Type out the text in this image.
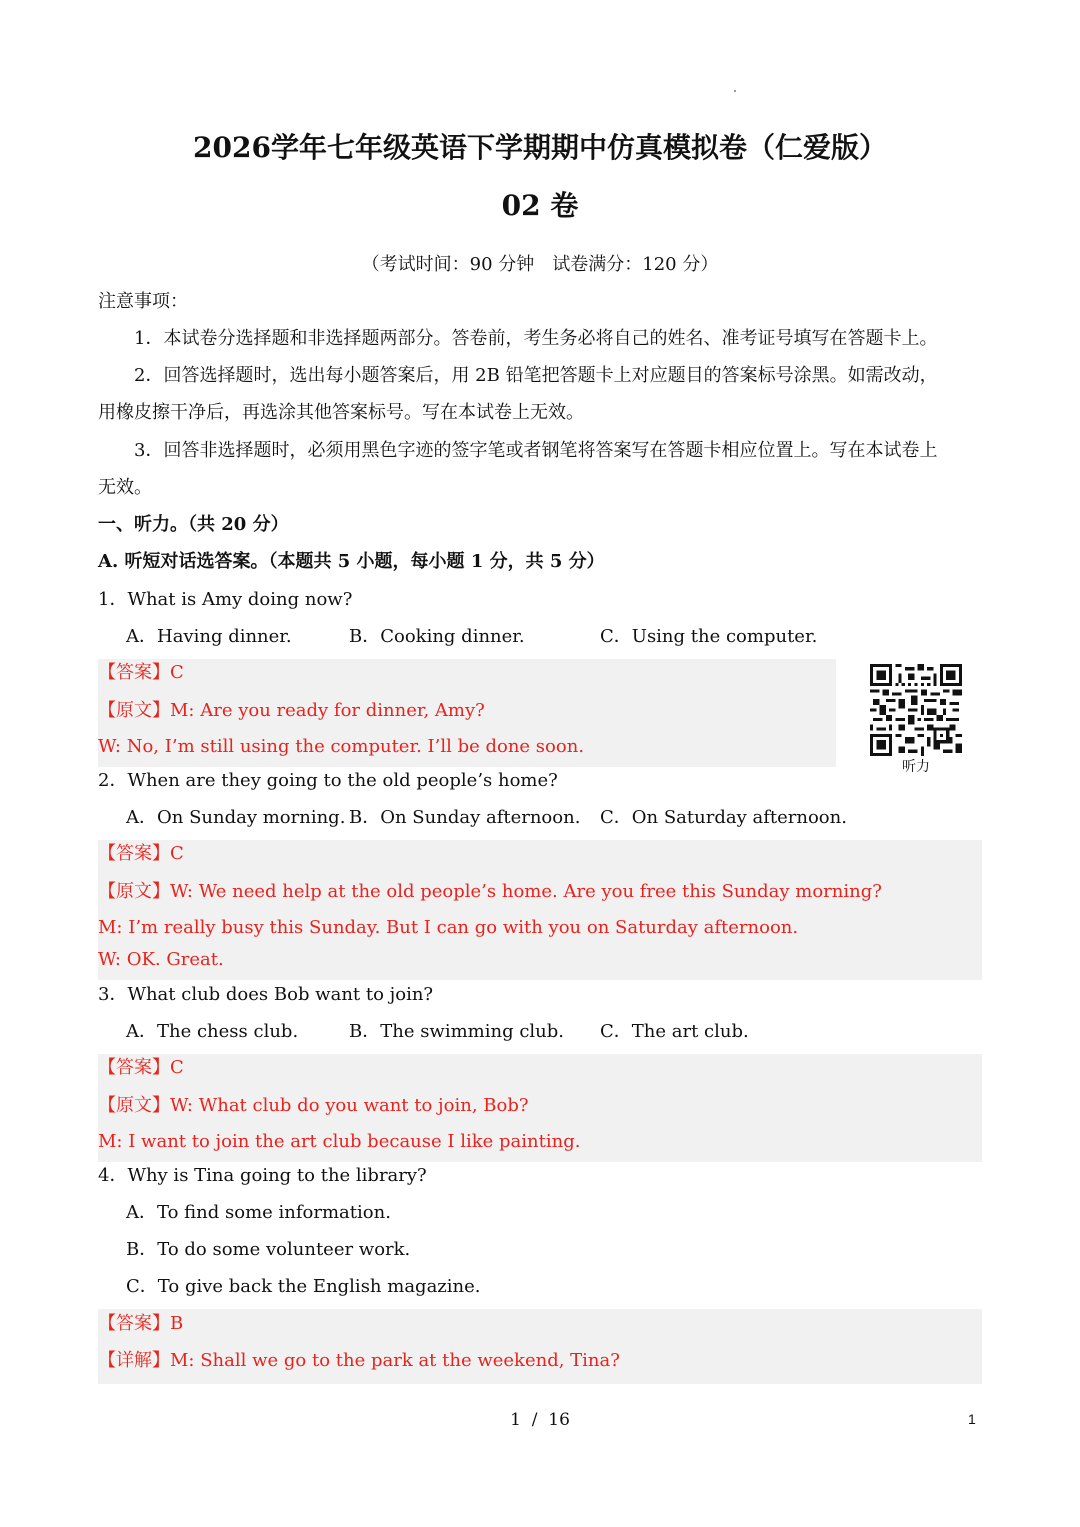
2026学年七年级英语下学期期中仿真模拟卷（仁爱版）
02 卷
（考试时间：90 分钟　试卷满分：120 分）
注意事项：
1．本试卷分选择题和非选择题两部分。答卷前，考生务必将自己的姓名、准考证号填写在答题卡上。
2．回答选择题时，选出每小题答案后，用 2B 铅笔把答题卡上对应题目的答案标号涂黑。如需改动，
用橡皮擦干净后，再选涂其他答案标号。写在本试卷上无效。
3．回答非选择题时，必须用黑色字迹的签字笔或者钢笔将答案写在答题卡相应位置上。写在本试卷上
无效。
一、听力。（共 20 分）
A. 听短对话选答案。（本题共 5 小题，每小题 1 分，共 5 分）
1．What is Amy doing now?
A．Having dinner.	B．Cooking dinner.	C．Using the computer.
【答案】C
【原文】M: Are you ready for dinner, Amy?
W: No, I’m still using the computer. I’ll be done soon.
听力
2．When are they going to the old people’s home?
A．On Sunday morning. B．On Sunday afternoon. C．On Saturday afternoon.
【答案】C
【原文】W: We need help at the old people’s home. Are you free this Sunday morning?
M: I’m really busy this Sunday. But I can go with you on Saturday afternoon.
W: OK. Great.
3．What club does Bob want to join?
A．The chess club.	B．The swimming club. C．The art club.
【答案】C
【原文】W: What club do you want to join, Bob?
M: I want to join the art club because I like painting.
4．Why is Tina going to the library?
A．To find some information.
B．To do some volunteer work.
C．To give back the English magazine.
【答案】B
【详解】M: Shall we go to the park at the weekend, Tina?
1  /  16	1
